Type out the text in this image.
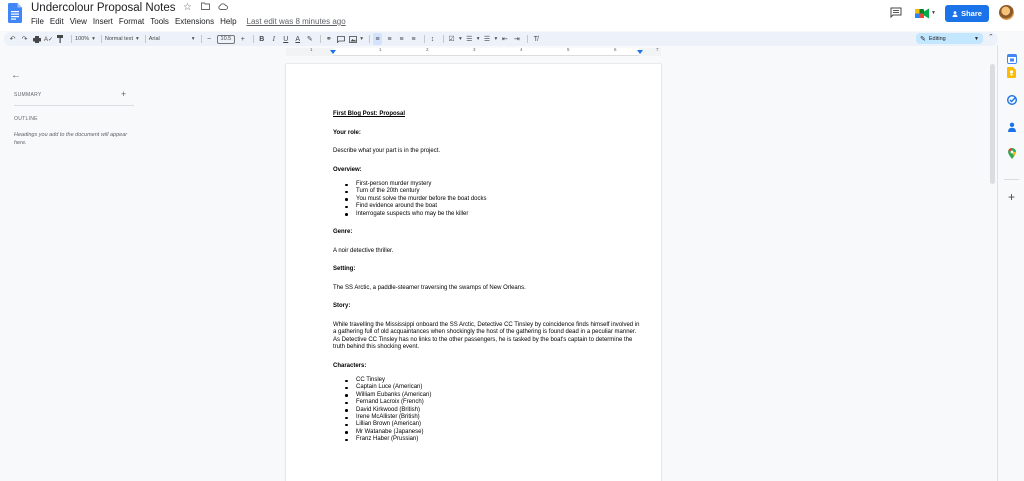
Undercolour Proposal Notes ☆
File Edit View Insert Format Tools Extensions Help Last edit was 8 minutes ago
▼	Share
↶ ↷	A✓	100% ▾ Normal text ▾ Arial	▾	−	10.5	+	B	I	U	A ✎ ⚭	▾	≡	≡	≡	≡	↕	☑ ▾ ☰ ▾ ☰ ▾ ⇤ ⇥	T̸	✎ Editing	▼ ⌃
1	1	2	3	4	5	6	7
←
SUMMARY	+
OUTLINE

Headings you add to the document will appear here.

First Blog Post: Proposal

Your role:

Describe what your part is in the project.

Overview:

First-person murder mystery
Turn of the 20th century
You must solve the murder before the boat docks
Find evidence around the boat
Interrogate suspects who may be the killer

Genre:

A noir detective thriller.

Setting:

The SS Arctic, a paddle-steamer traversing the swamps of New Orleans.

Story:

While travelling the Mississippi onboard the SS Arctic, Detective CC Tinsley by coincidence finds himself involved in a gathering full of old acquaintances when shockingly the host of the gathering is found dead in a peculiar manner. As Detective CC Tinsley has no links to the other passengers, he is tasked by the boat's captain to determine the truth behind this shocking event.

Characters:

CC Tinsley
Captain Luce (American)
William Eubanks (American)
Fernand Lacroix (French)
David Kirkwood (British)
Irene McAllister (British)
Lillian Brown (American)
Mr Watanabe (Japanese)
Franz Haber (Prussian)
+
